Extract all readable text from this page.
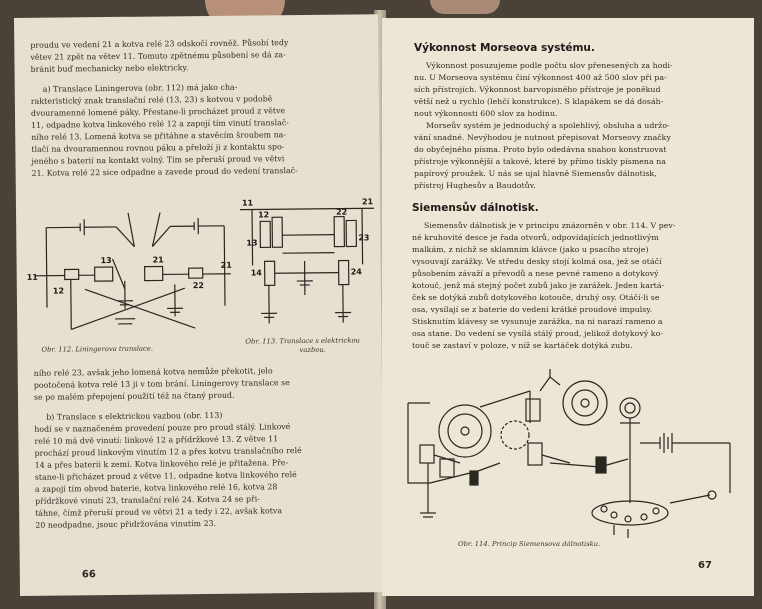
proudu ve vedení 21 a kotva relé 23 odskočí rovněž. Působí tedy
větev 21 zpět na větev 11. Tomuto zpětnému působení se dá za-
bránit buď mechanicky nebo elektricky.
a) Translace Liningerova (obr. 112) má jako cha-
rakteristický znak translační relé (13, 23) s kotvou v podobě
dvouramenné lomené páky. Přestane-li procházet proud z větve
11, odpadne kotva linkového relé 12 a zapojí tím vinutí translač-
ního relé 13. Lomená kotva se přitáhne a stavěcím šroubem na-
tlačí na dvouramennou rovnou páku a přeloží ji z kontaktu spo-
jeného s baterií na kontakt volný. Tím se přeruší proud ve větvi
21. Kotva relé 22 sice odpadne a zavede proud do vedení translač-
11
12
13	21
22
21
11
12
13
21
22
23
14	24
Obr. 112. Liningerova translace.
Obr. 113. Translace s elektrickou
vazbou.
ního relé 23, avšak jeho lomená kotva nemůže překotit, jelo
pootočená kotva relé 13 ji v tom brání. Liningerovy translace se
se po malém přepojení použití též na čtaný proud.
b) Translace s elektrickou vazbou (obr. 113)
hodí se v naznačeném provedení pouze pro proud stálý. Linkové
relé 10 má dvě vinutí: linkové 12 a přídržkové 13. Z větve 11
prochází proud linkovým vinutím 12 a přes kotvu translačního relé
14 a přes baterii k zemi. Kotva linkového relé je přitažena. Pře-
stane-li přicházet proud z větve 11, odpadne kotva linkového relé
a zapojí tím obvod baterie, kotva linkového relé 16, kotva 28
přídržkové vinutí 23, translační relé 24. Kotva 24 se při-
táhne, čímž přeruší proud ve větvi 21 a tedy i 22, avšak kotva
20 neodpadne, jsouc přidržována vinutím 23.
66
Výkonnost Morseova systému.
Výkonnost posuzujeme podle počtu slov přenesených za hodi-
nu. U Morseova systému činí výkonnost 400 až 500 slov při pa-
sích přístrojích. Výkonnost barvopisného přístroje je poněkud
větší než u rychlo (lehčí konstrukce). S klapákem se dá dosáh-
nout výkonnosti 600 slov za hodinu.
Morseův systém je jednoduchý a spolehlivý, obsluha a udržo-
vání snadné. Nevýhodou je nutnost přepisovat Morseovy značky
do obyčejného písma. Proto bylo odedávna snahou konstruovat
přístroje výkonnější a takové, které by přímo tiskly písmena na
papírový proužek. U nás se ujal hlavně Siemensův dálnotisk,
přístroj Hughesův a Baudotův.
Siemensův dálnotisk.
Siemensův dálnotisk je v principu znázorněn v obr. 114. V pev-
né kruhovité desce je řada otvorů, odpovídajících jednotlivým
malkám, z nichž se sklamnim klávce (jako u psacího stroje)
vysouvají zarážky. Ve středu desky stojí kolmá osa, jež se otáčí
působením závaží a převodů a nese pevné rameno a dotykový
kotouč, jenž má stejný počet zubů jako je zarážek. Jeden kartá-
ček se dotýká zubů dotykového kotouče, druhý osy. Otáčí-li se
osa, vysílají se z baterie do vedení krátké proudové impulsy.
Stisknutím klávesy se vysunuje zarážka, na ni narazí rameno a
osa stane. Do vedení se vysílá stálý proud, jelikož dotykový ko-
touč se zastaví v poloze, v níž se kartáček dotýká zubu.
Obr. 114. Princip Siemensova dálnotisku.
67
